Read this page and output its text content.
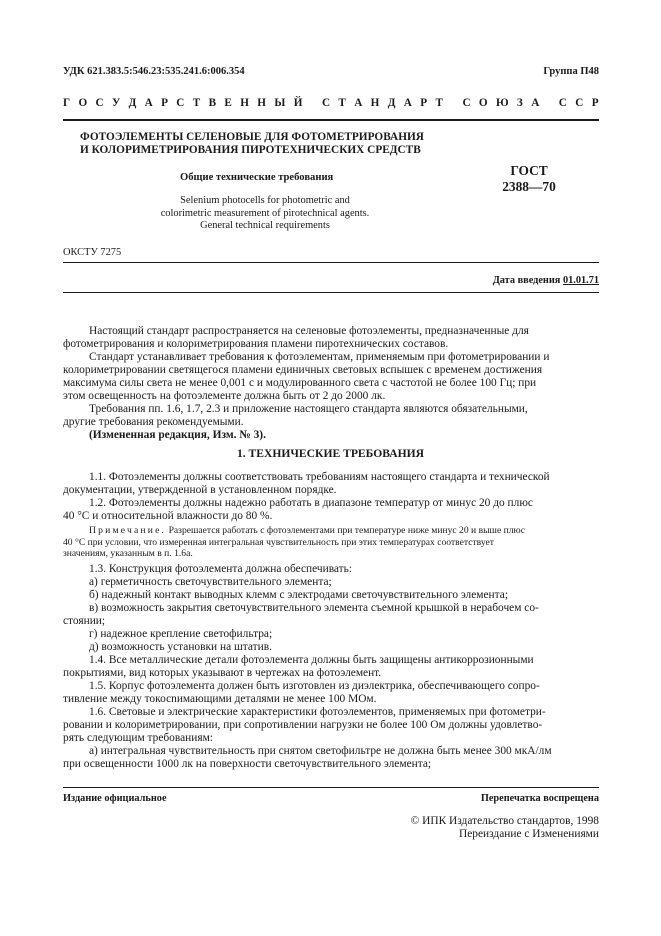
УДК 621.383.5:546.23:535.241.6:006.354	Группа П48

Г О С У Д А Р С Т В Е Н Н Ы Й
С Т А Н Д А Р Т
С О Ю З А
С С Р

ФОТОЭЛЕМЕНТЫ СЕЛЕНОВЫЕ ДЛЯ ФОТОМЕТРИРОВАНИЯ

И КОЛОРИМЕТРИРОВАНИЯ ПИРОТЕХНИЧЕСКИХ СРЕДСТВ

Общие технические требования

Selenium photocells for photometric and
colorimetric measurement of pirotechnical agents.
General technical requirements

ГОСТ
2388—70

ОКСТУ 7275

Дата введения 01.01.71

Настоящий стандарт распространяется на селеновые фотоэлементы, предназначенные для
фотометрирования и колориметрирования пламени пиротехнических составов.
Стандарт устанавливает требования к фотоэлементам, применяемым при фотометрировании и
колориметрировании светящегося пламени единичных световых вспышек с временем достижения
максимума силы света не менее 0,001 с и модулированного света с частотой не более 100 Гц; при
этом освещенность на фотоэлементе должна быть от 2 до 2000 лк.
Требования пп. 1.6, 1.7, 2.3 и приложение настоящего стандарта являются обязательными,
другие требования рекомендуемыми.
(Измененная редакция, Изм. № 3).

1. ТЕХНИЧЕСКИЕ ТРЕБОВАНИЯ

1.1. Фотоэлементы должны соответствовать требованиям настоящего стандарта и технической
документации, утвержденной в установленном порядке.
1.2. Фотоэлементы должны надежно работать в диапазоне температур от минус 20 до плюс
40 °С и относительной влажности до 80 %.
Примечание. Разрешается работать с фотоэлементами при температуре ниже минус 20 и выше плюс
40 °С при условии, что измеренная интегральная чувствительность при этих температурах соответствует
значениям, указанным в п. 1.6а.
1.3. Конструкция фотоэлемента должна обеспечивать:
а) герметичность светочувствительного элемента;
б) надежный контакт выводных клемм с электродами светочувствительного элемента;
в) возможность закрытия светочувствительного элемента съемной крышкой в нерабочем со-
стоянии;
г) надежное крепление светофильтра;
д) возможность установки на штатив.
1.4. Все металлические детали фотоэлемента должны быть защищены антикоррозионными
покрытиями, вид которых указывают в чертежах на фотоэлемент.
1.5. Корпус фотоэлемента должен быть изготовлен из диэлектрика, обеспечивающего сопро-
тивление между токосnимающими деталями не менее 100 МОм.
1.6. Световые и электрические характеристики фотоэлементов, применяемых при фотометри-
ровании и колориметрировании, при сопротивлении нагрузки не более 100 Ом должны удовлетво-
рять следующим требованиям:
а) интегральная чувствительность при снятом светофильтре не должна быть менее 300 мкА/лм
при освещенности 1000 лк на поверхности светочувствительного элемента;

Издание официальное	Перепечатка воспрещена

© ИПК Издательство стандартов, 1998
Переиздание с Изменениями
